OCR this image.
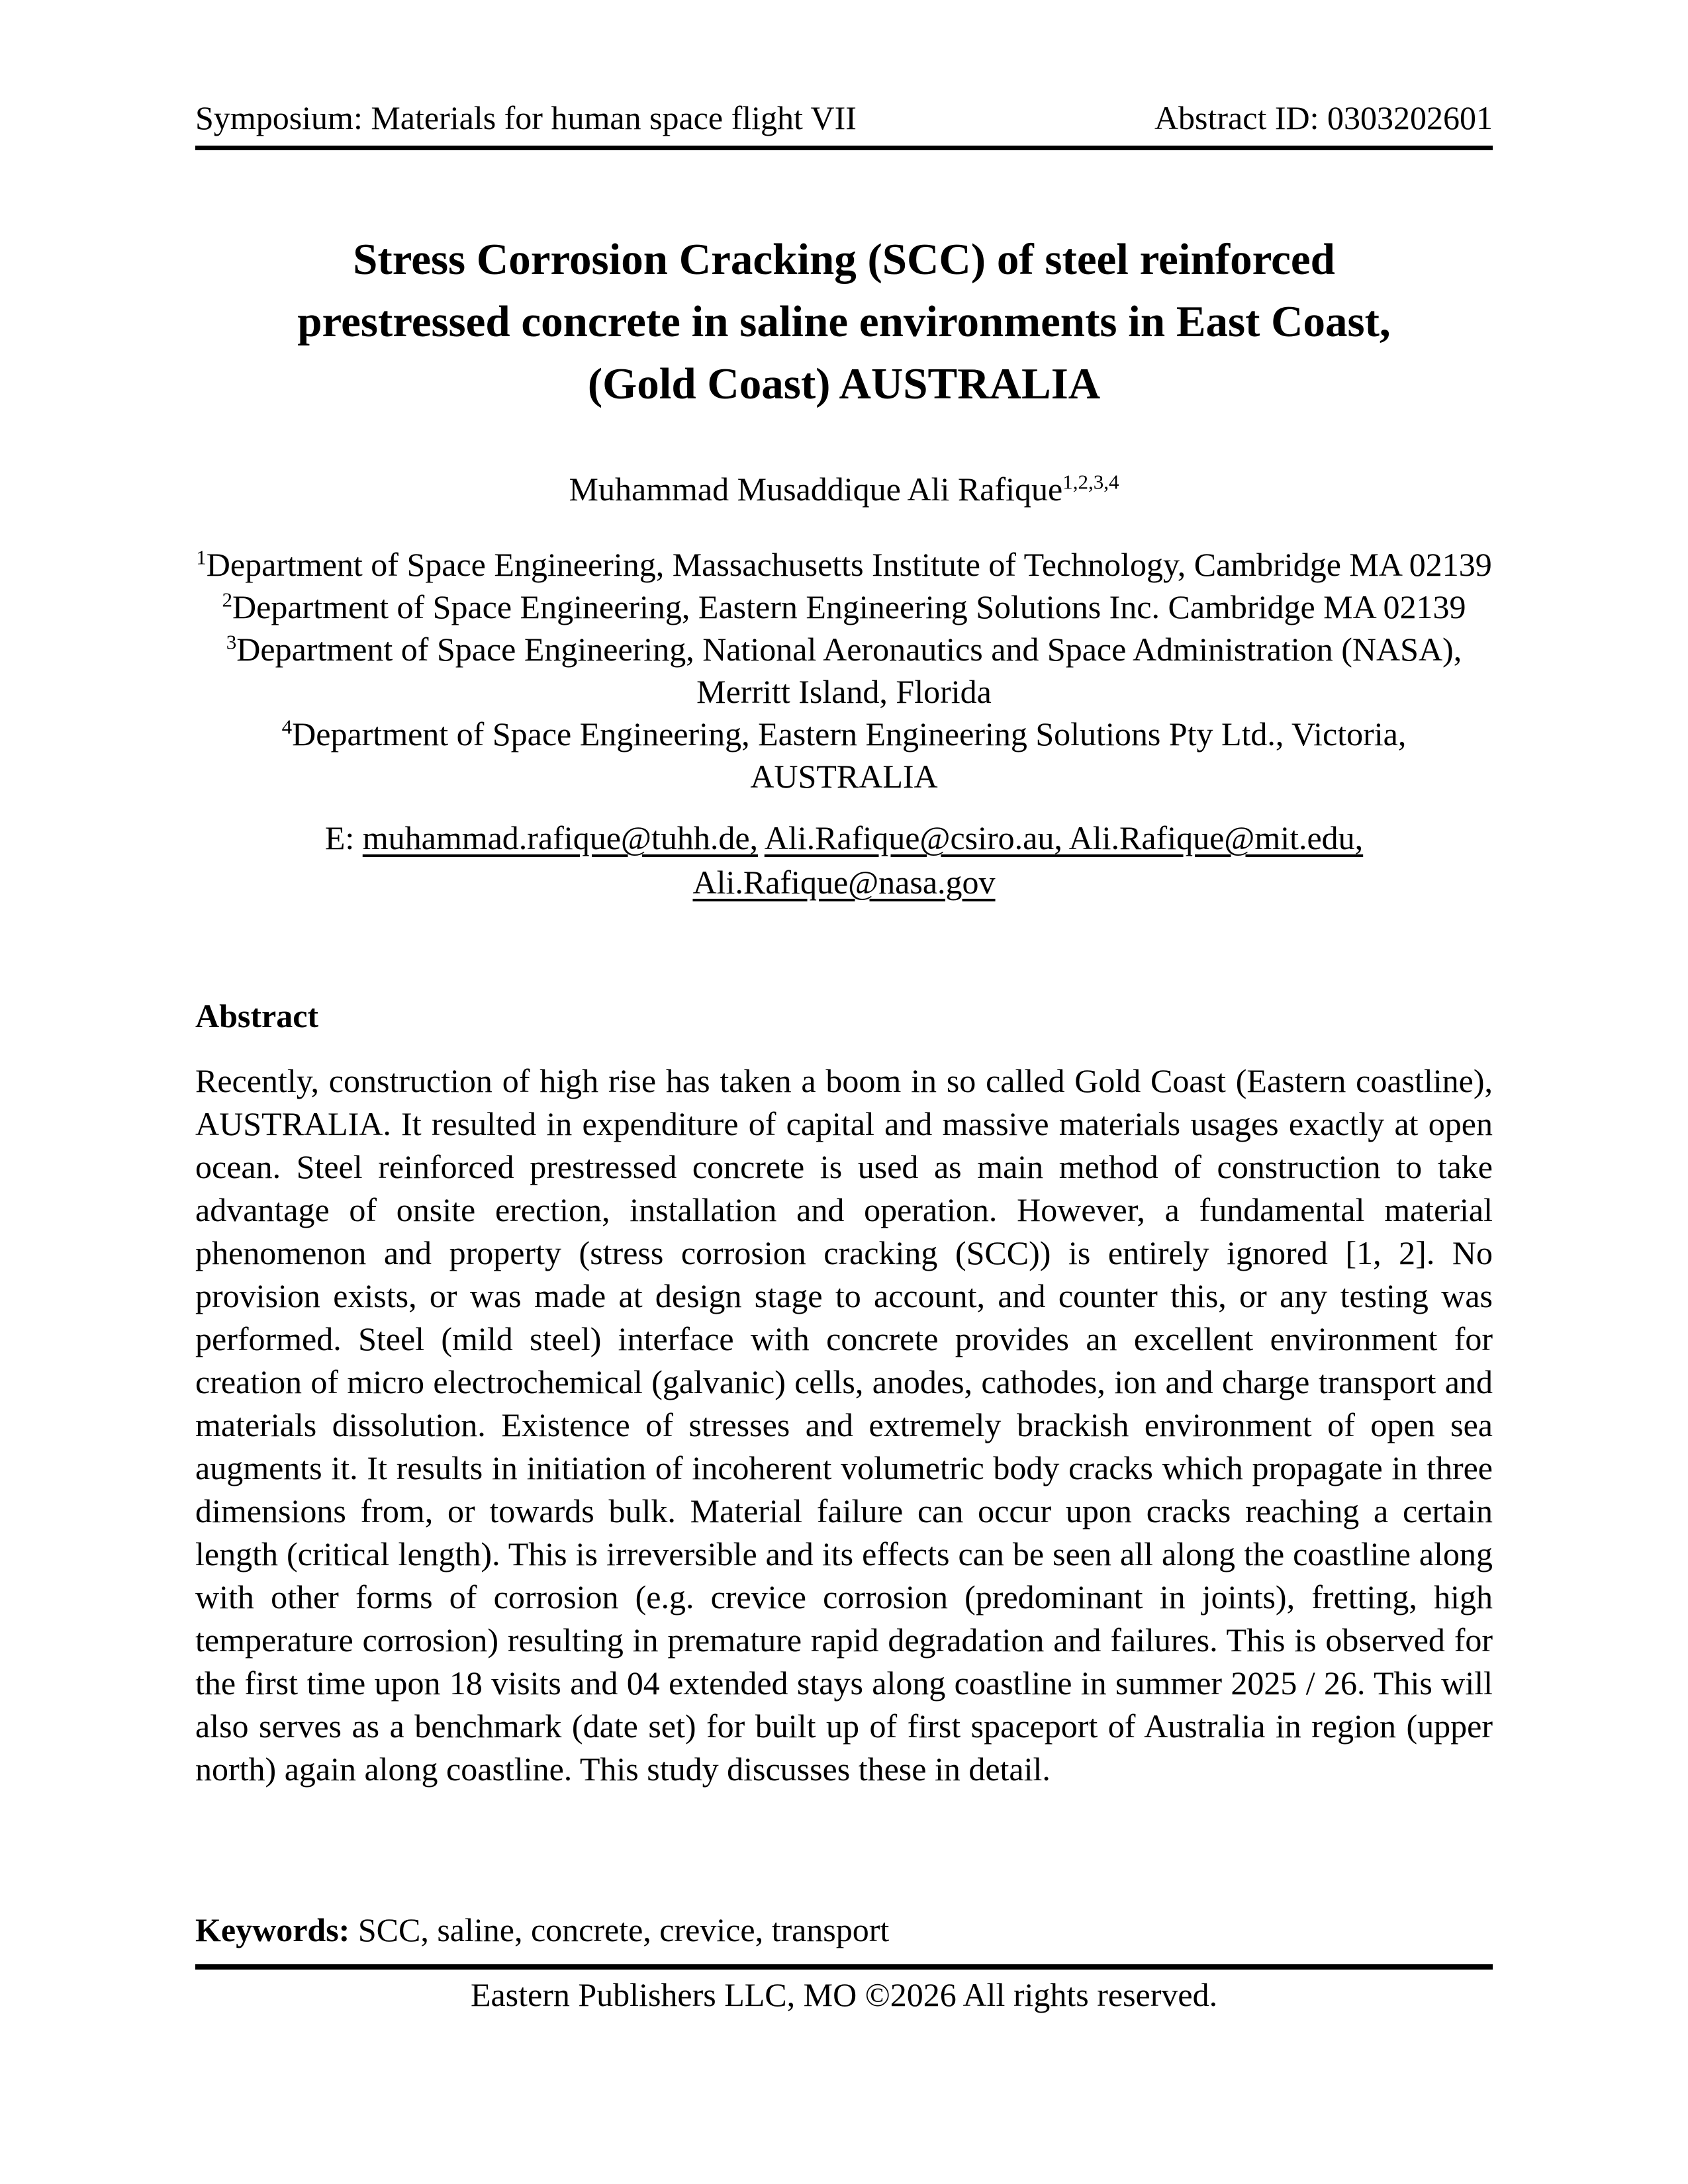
Symposium: Materials for human space flight VII	Abstract ID: 0303202601
Stress Corrosion Cracking (SCC) of steel reinforced
prestressed concrete in saline environments in East Coast,
(Gold Coast) AUSTRALIA
Muhammad Musaddique Ali Rafique$^{1,2,3,4}$
$^1$Department of Space Engineering, Massachusetts Institute of Technology, Cambridge MA 02139
$^2$Department of Space Engineering, Eastern Engineering Solutions Inc. Cambridge MA 02139
$^3$Department of Space Engineering, National Aeronautics and Space Administration (NASA),
Merritt Island, Florida
$^4$Department of Space Engineering, Eastern Engineering Solutions Pty Ltd., Victoria,
AUSTRALIA
E: muhammad.rafique@tuhh.de, Ali.Rafique@csiro.au, Ali.Rafique@mit.edu,
Ali.Rafique@nasa.gov
Abstract
Recently, construction of high rise has taken a boom in so called Gold Coast (Eastern coastline), AUSTRALIA. It resulted in expenditure of capital and massive materials usages exactly at open ocean. Steel reinforced prestressed concrete is used as main method of construction to take advantage of onsite erection, installation and operation. However, a fundamental material phenomenon and property (stress corrosion cracking (SCC)) is entirely ignored [1, 2]. No provision exists, or was made at design stage to account, and counter this, or any testing was performed. Steel (mild steel) interface with concrete provides an excellent environment for creation of micro electrochemical (galvanic) cells, anodes, cathodes, ion and charge transport and materials dissolution. Existence of stresses and extremely brackish environment of open sea augments it. It results in initiation of incoherent volumetric body cracks which propagate in three dimensions from, or towards bulk. Material failure can occur upon cracks reaching a certain length (critical length). This is irreversible and its effects can be seen all along the coastline along with other forms of corrosion (e.g. crevice corrosion (predominant in joints), fretting, high temperature corrosion) resulting in premature rapid degradation and failures. This is observed for the first time upon 18 visits and 04 extended stays along coastline in summer 2025 / 26. This will also serves as a benchmark (date set) for built up of first spaceport of Australia in region (upper north) again along coastline. This study discusses these in detail.
Keywords: SCC, saline, concrete, crevice, transport
Eastern Publishers LLC, MO ©2026 All rights reserved.
